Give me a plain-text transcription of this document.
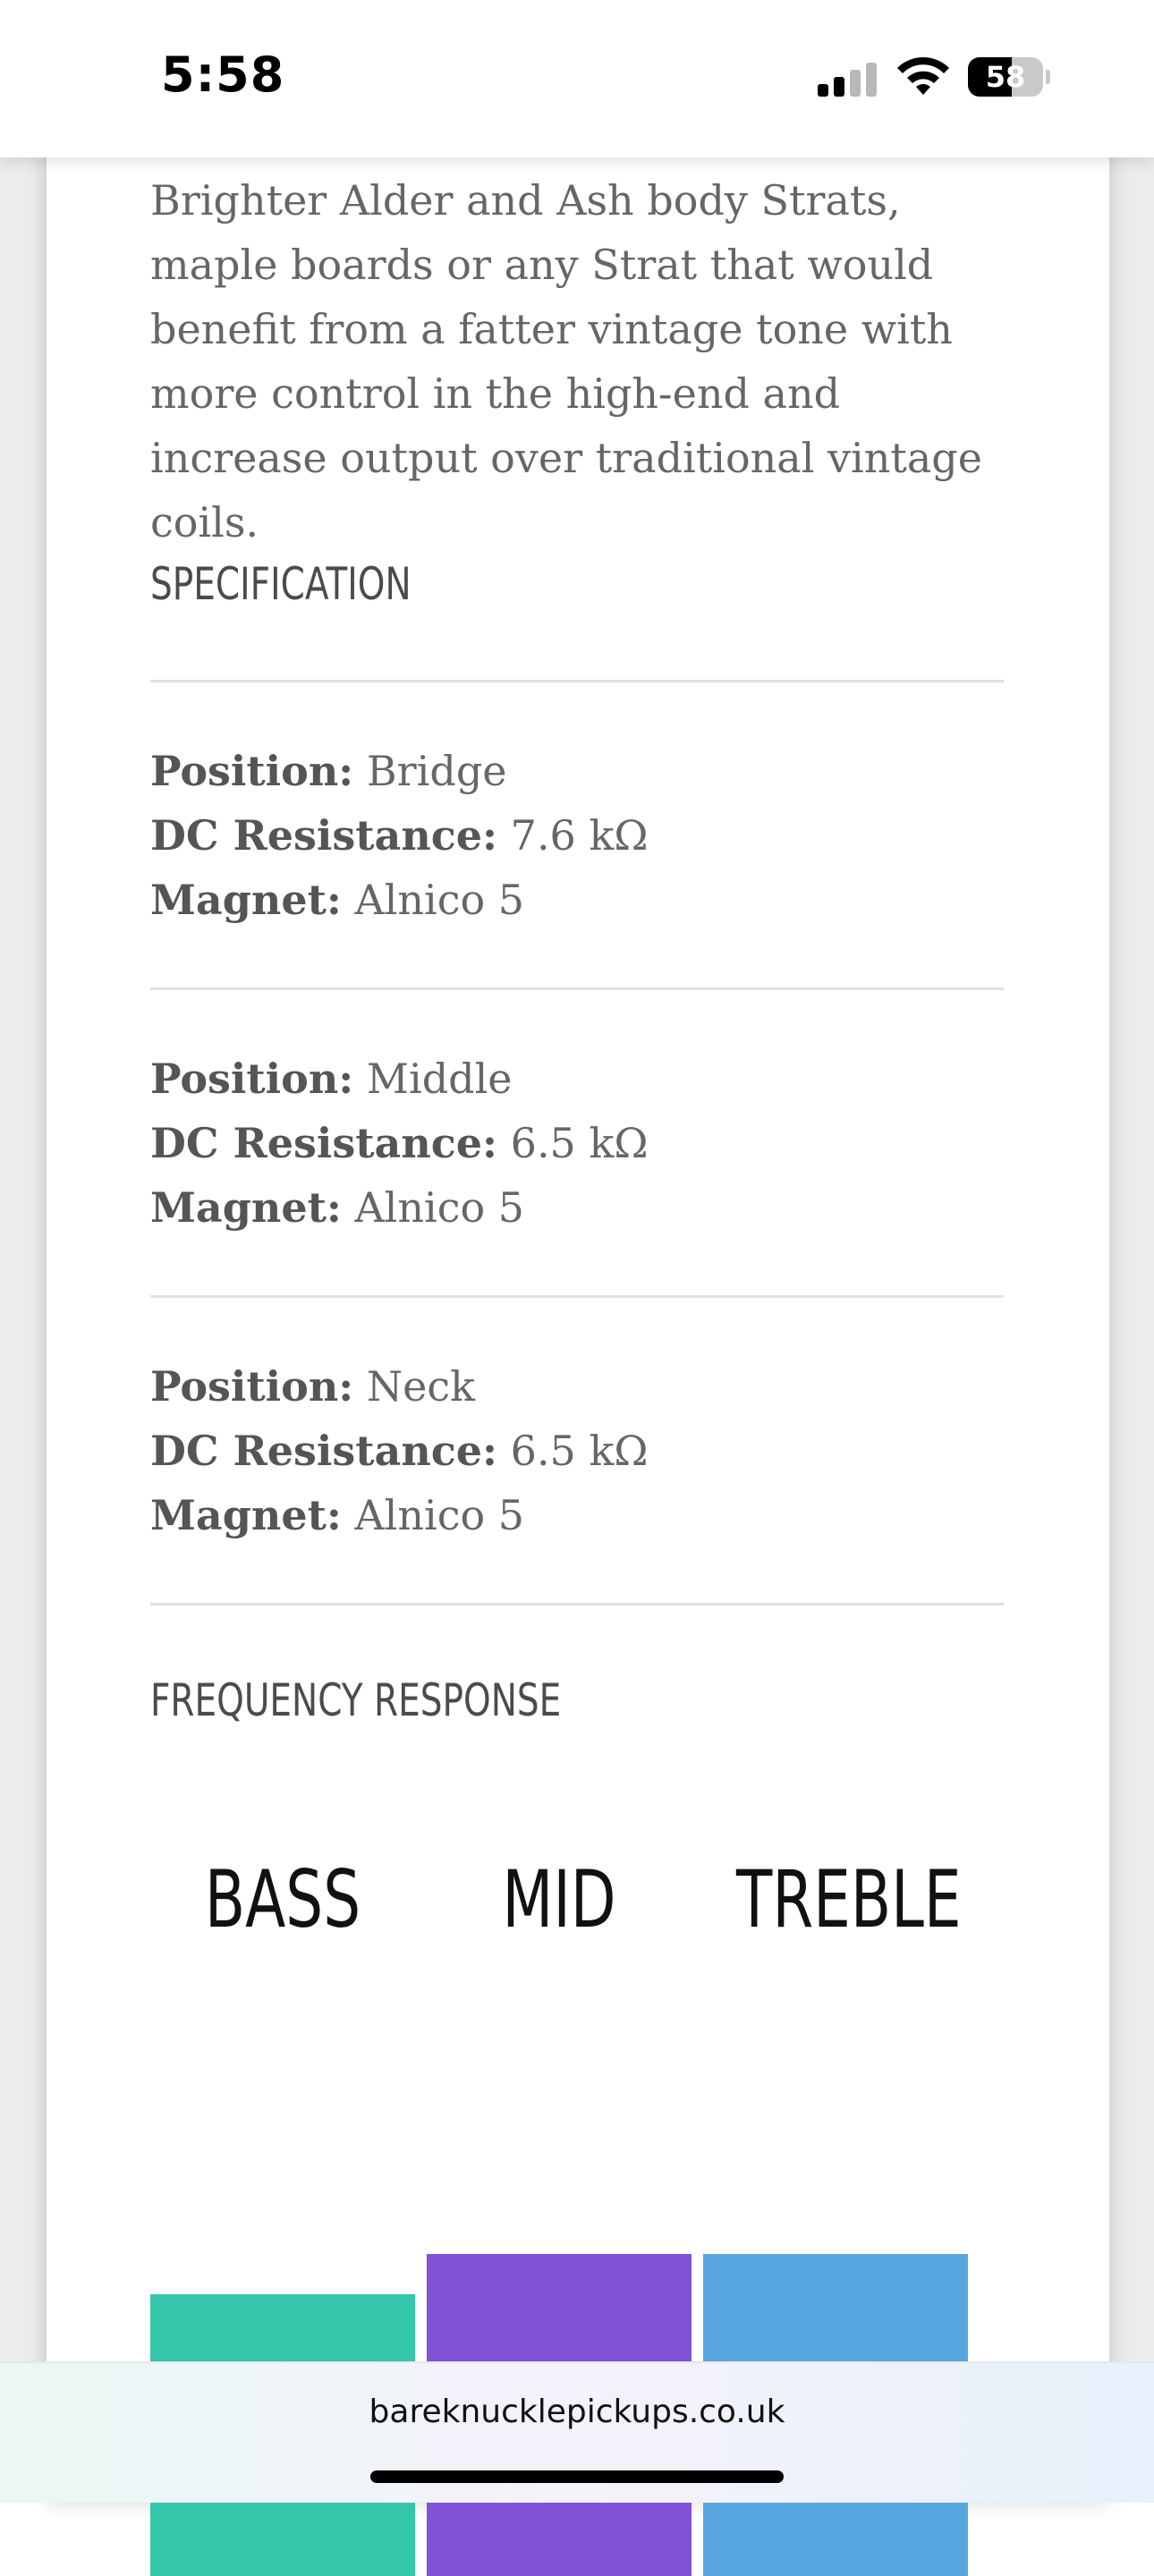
Brighter Alder and Ash body Strats, maple boards or any Strat that would benefit from a fatter vintage tone with more control in the high-end and increase output over traditional vintage coils.

SPECIFICATION
Position: Bridge
DC Resistance: 7.6 kΩ
Magnet: Alnico 5
Position: Middle
DC Resistance: 6.5 kΩ
Magnet: Alnico 5
Position: Neck
DC Resistance: 6.5 kΩ
Magnet: Alnico 5
FREQUENCY RESPONSE
BASS	MID	TREBLE
5:58	58
bareknucklepickups.co.uk
